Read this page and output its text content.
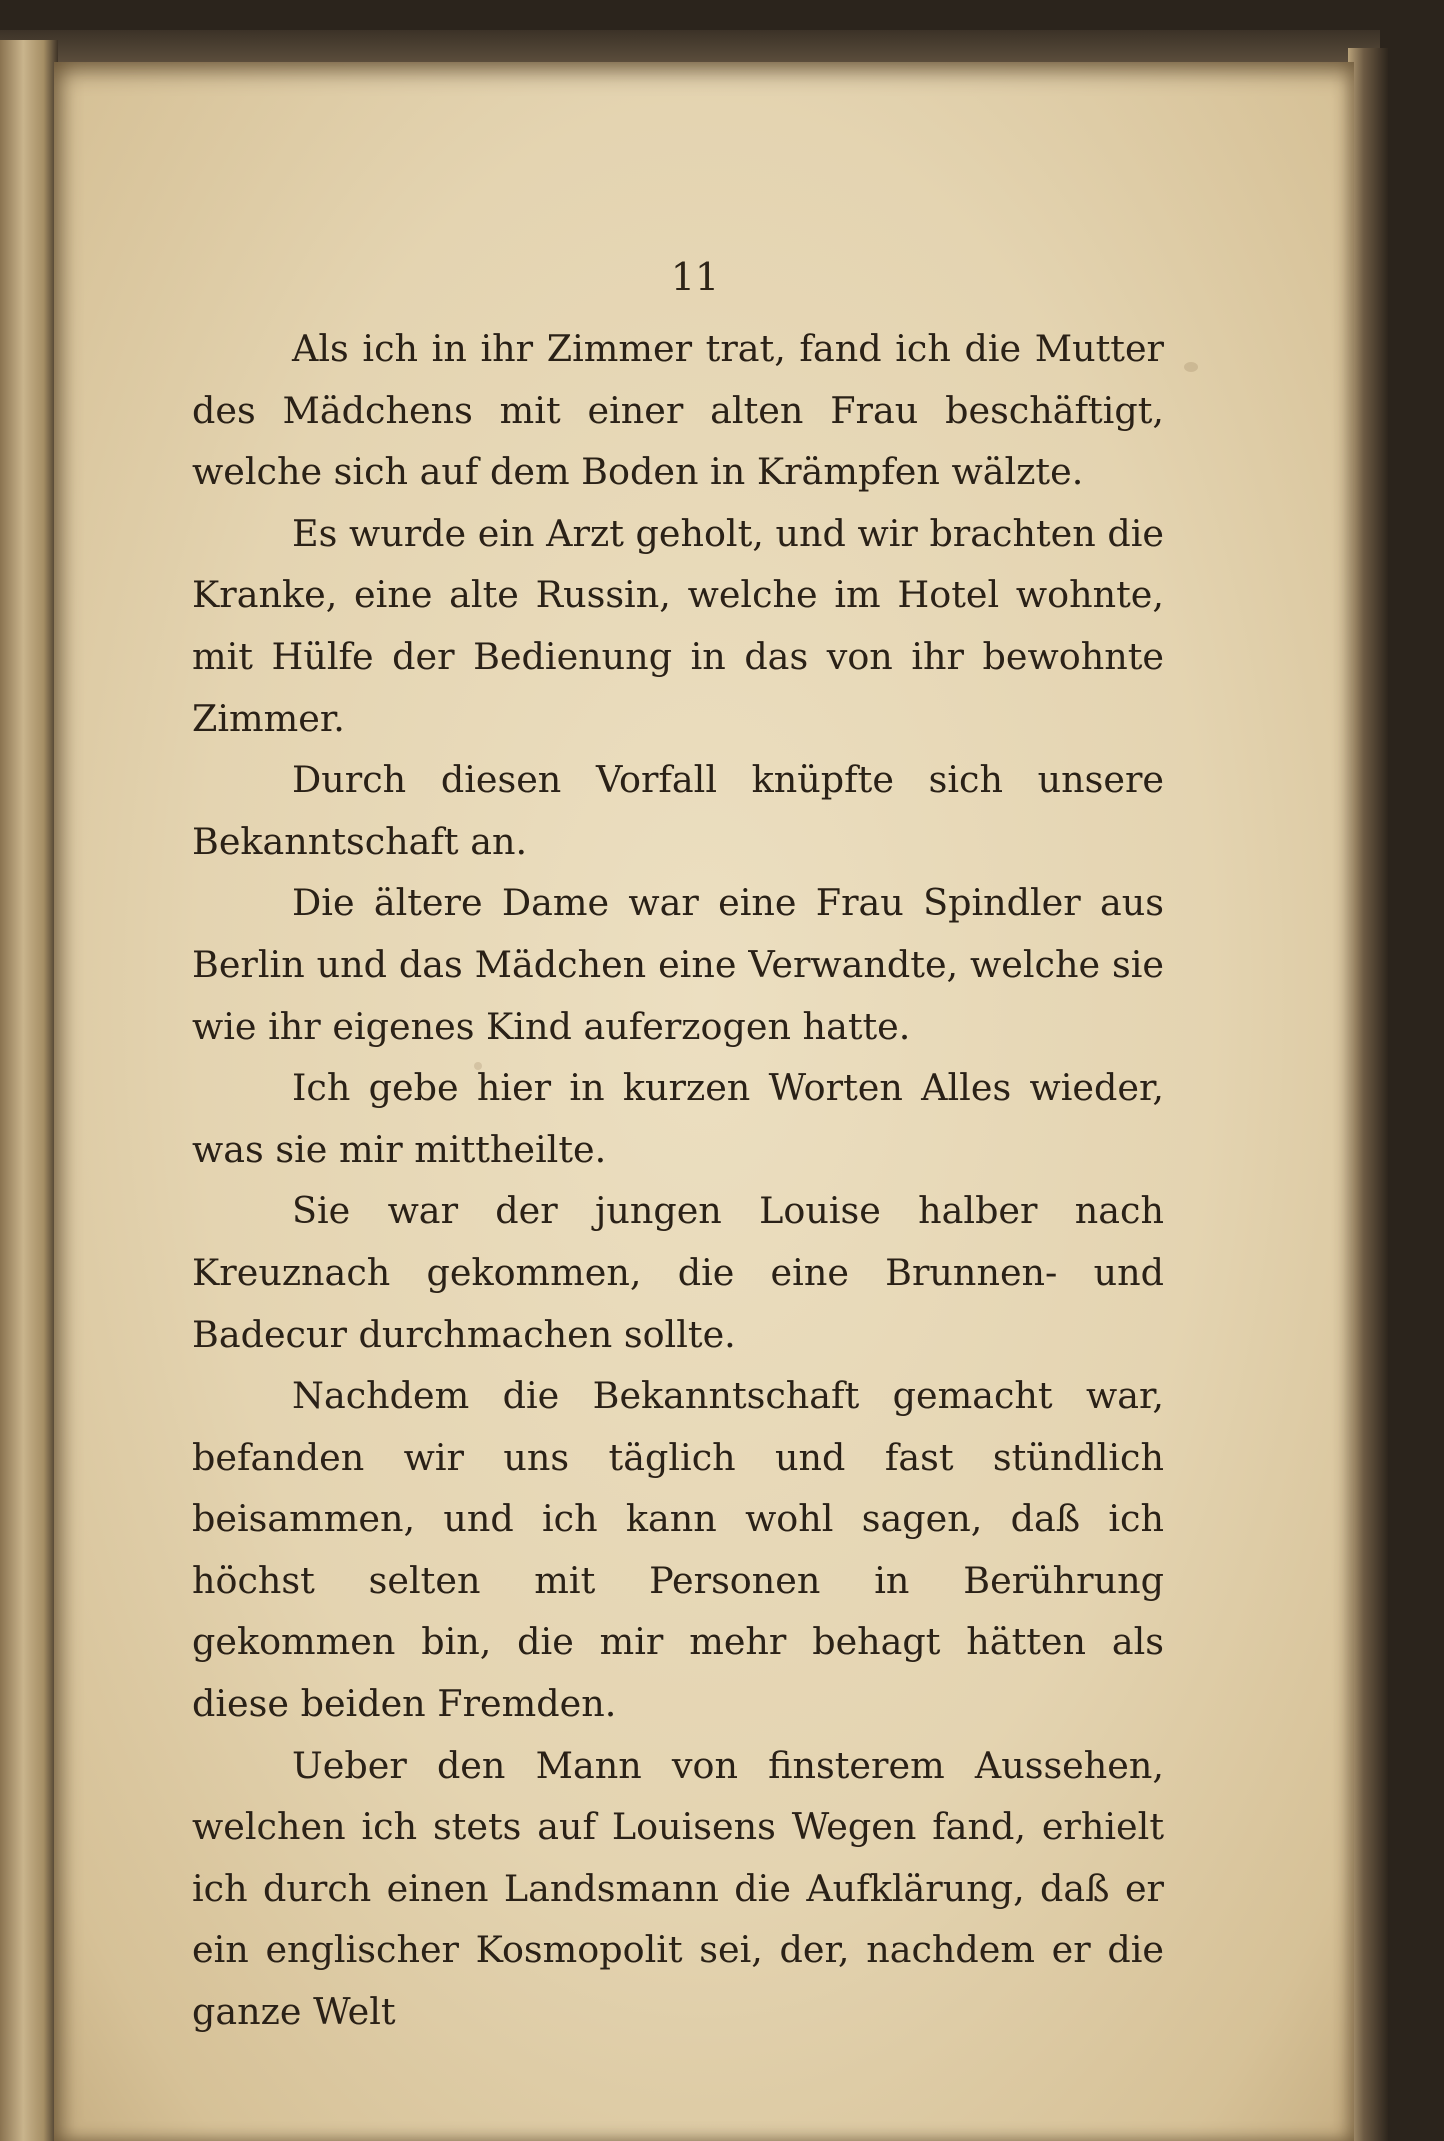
11

Als ich in ihr Zimmer trat, fand ich die Mutter des Mädchens mit einer alten Frau beschäftigt, welche sich auf dem Boden in Krämpfen wälzte.

Es wurde ein Arzt geholt, und wir brachten die Kranke, eine alte Russin, welche im Hotel wohnte, mit Hülfe der Bedienung in das von ihr bewohnte Zimmer.

Durch diesen Vorfall knüpfte sich unsere Bekanntschaft an.

Die ältere Dame war eine Frau Spindler aus Berlin und das Mädchen eine Verwandte, welche sie wie ihr eigenes Kind auferzogen hatte.

Ich gebe hier in kurzen Worten Alles wieder, was sie mir mittheilte.

Sie war der jungen Louise halber nach Kreuznach gekommen, die eine Brunnen- und Badecur durchmachen sollte.

Nachdem die Bekanntschaft gemacht war, befanden wir uns täglich und fast stündlich beisammen, und ich kann wohl sagen, daß ich höchst selten mit Personen in Berührung gekommen bin, die mir mehr behagt hätten als diese beiden Fremden.

Ueber den Mann von finsterem Aussehen, welchen ich stets auf Louisens Wegen fand, erhielt ich durch einen Landsmann die Aufklärung, daß er ein englischer Kosmopolit sei, der, nachdem er die ganze Welt
